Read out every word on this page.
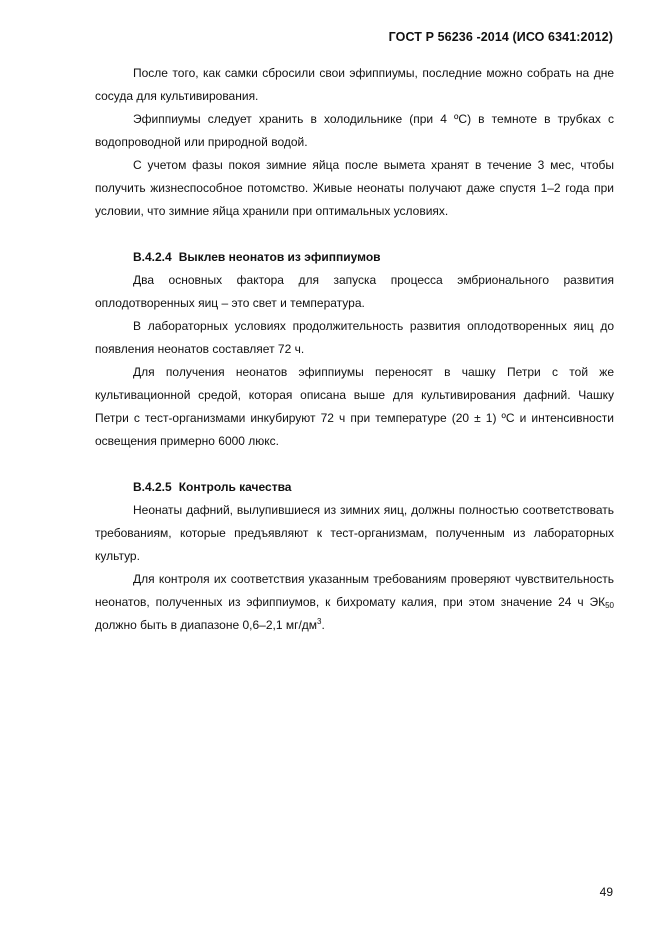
ГОСТ Р 56236 -2014 (ИСО 6341:2012)

После того, как самки сбросили свои эфиппиумы, последние можно собрать на дне сосуда для культивирования.

Эфиппиумы следует хранить в холодильнике (при 4 ºС) в темноте в трубках с водопроводной или природной водой.

С учетом фазы покоя зимние яйца после вымета хранят в течение 3 мес, чтобы получить жизнеспособное потомство. Живые неонаты получают даже спустя 1–2 года при условии, что зимние яйца хранили при оптимальных условиях.

В.4.2.4 Выклев неонатов из эфиппиумов

Два основных фактора для запуска процесса эмбрионального развития оплодотворенных яиц – это свет и температура.

В лабораторных условиях продолжительность развития оплодотворенных яиц до появления неонатов составляет 72 ч.

Для получения неонатов эфиппиумы переносят в чашку Петри с той же культивационной средой, которая описана выше для культивирования дафний. Чашку Петри с тест-организмами инкубируют 72 ч при температуре (20 ± 1) ºС и интенсивности освещения примерно 6000 люкс.

В.4.2.5 Контроль качества

Неонаты дафний, вылупившиеся из зимних яиц, должны полностью соответствовать требованиям, которые предъявляют к тест-организмам, полученным из лабораторных культур.

Для контроля их соответствия указанным требованиям проверяют чувствительность неонатов, полученных из эфиппиумов, к бихромату калия, при этом значение 24 ч $ЭК_{50}$ должно быть в диапазоне 0,6–2,1 $мг/дм^3$.

49
